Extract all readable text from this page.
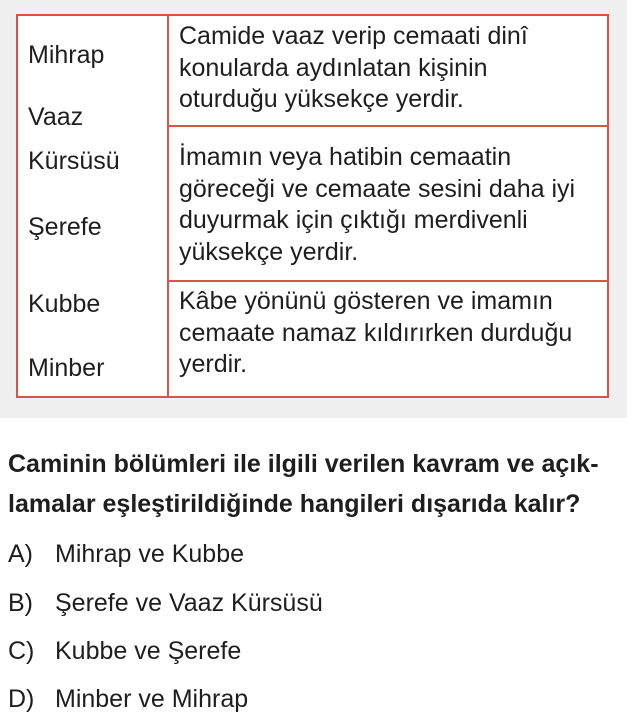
Mihrap
Vaaz
Kürsüsü
Şerefe
Kubbe
Minber
Camide vaaz verip cemaati dinî
konularda aydınlatan kişinin
oturduğu yüksekçe yerdir.
İmamın veya hatibin cemaatin
göreceği ve cemaate sesini daha iyi
duyurmak için çıktığı merdivenli
yüksekçe yerdir.
Kâbe yönünü gösteren ve imamın
cemaate namaz kıldırırken durduğu
yerdir.
Caminin bölümleri ile ilgili verilen kavram ve açık-
lamalar eşleştirildiğinde hangileri dışarıda kalır?
A) Mihrap ve Kubbe
B) Şerefe ve Vaaz Kürsüsü
C) Kubbe ve Şerefe
D) Minber ve Mihrap
